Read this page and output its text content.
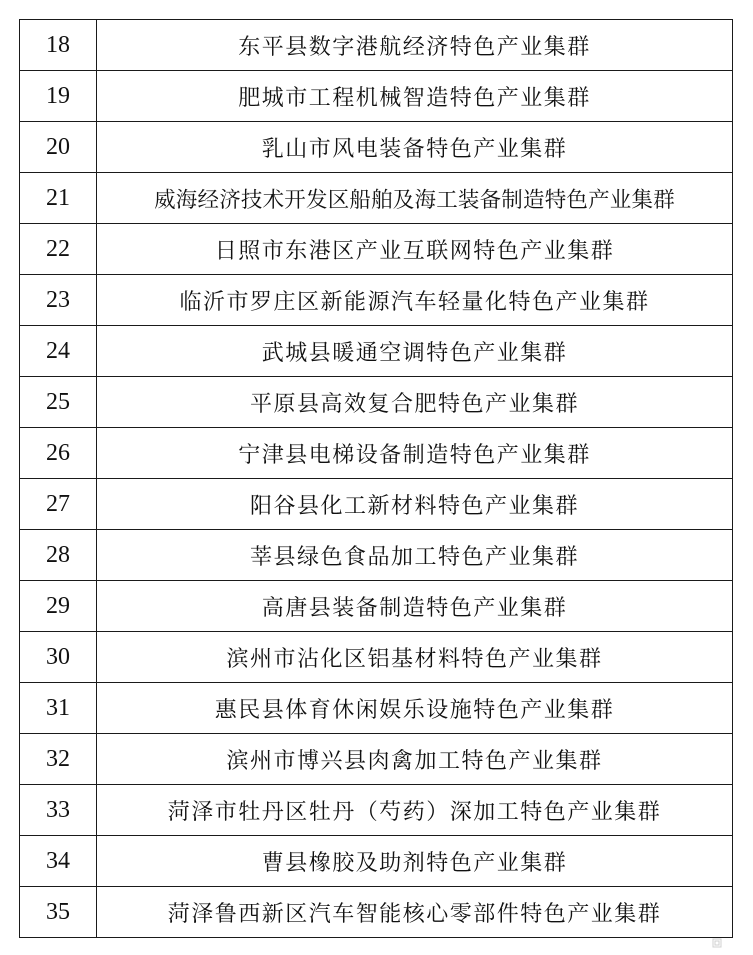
18	东平县数字港航经济特色产业集群
19	肥城市工程机械智造特色产业集群
20	乳山市风电装备特色产业集群
21	威海经济技术开发区船舶及海工装备制造特色产业集群
22	日照市东港区产业互联网特色产业集群
23	临沂市罗庄区新能源汽车轻量化特色产业集群
24	武城县暖通空调特色产业集群
25	平原县高效复合肥特色产业集群
26	宁津县电梯设备制造特色产业集群
27	阳谷县化工新材料特色产业集群
28	莘县绿色食品加工特色产业集群
29	高唐县装备制造特色产业集群
30	滨州市沾化区铝基材料特色产业集群
31	惠民县体育休闲娱乐设施特色产业集群
32	滨州市博兴县肉禽加工特色产业集群
33	菏泽市牡丹区牡丹（芍药）深加工特色产业集群
34	曹县橡胶及助剂特色产业集群
35	菏泽鲁西新区汽车智能核心零部件特色产业集群
